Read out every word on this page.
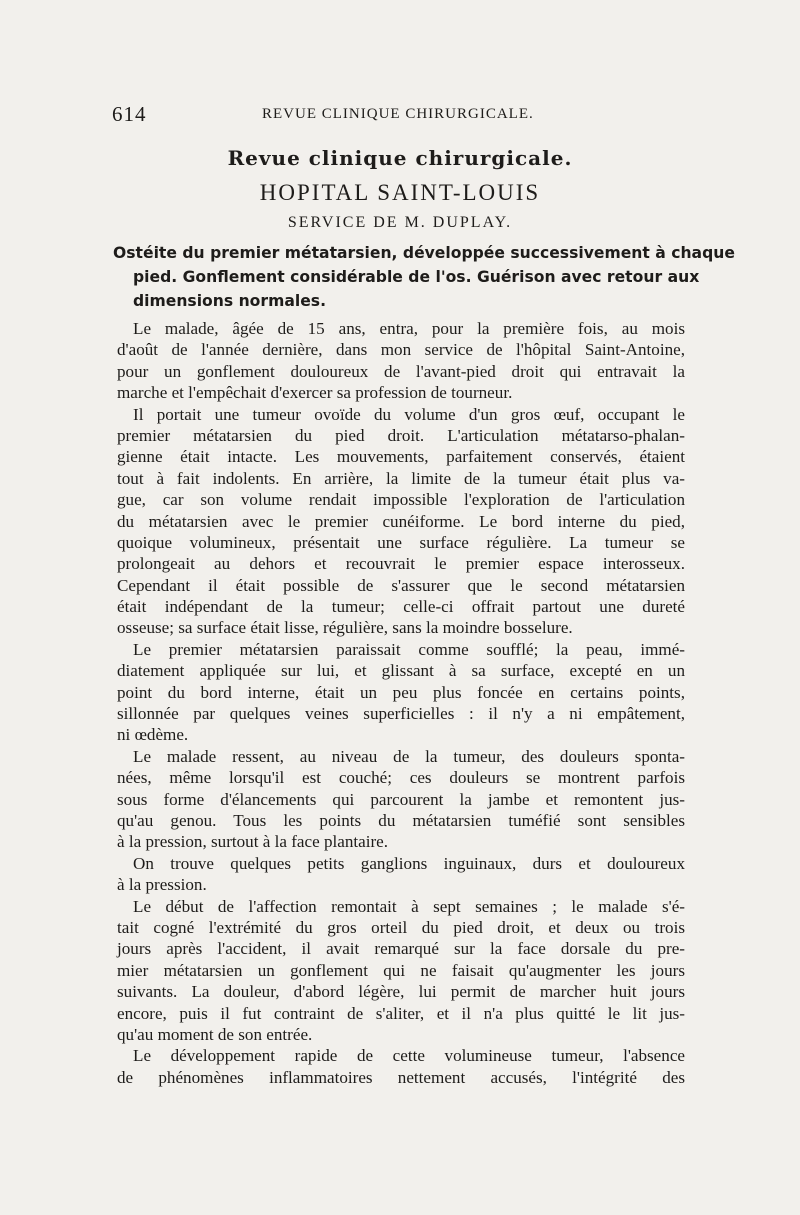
614	REVUE CLINIQUE CHIRURGICALE.
Revue clinique chirurgicale.
HOPITAL SAINT-LOUIS
SERVICE DE M. DUPLAY.
Ostéite du premier métatarsien, développée successivement à chaque
pied. Gonflement considérable de l'os. Guérison avec retour aux
dimensions normales.
Le malade, âgée de 15 ans, entra, pour la première fois, au mois
d'août de l'année dernière, dans mon service de l'hôpital Saint-Antoine,
pour un gonflement douloureux de l'avant-pied droit qui entravait la
marche et l'empêchait d'exercer sa profession de tourneur.
Il portait une tumeur ovoïde du volume d'un gros œuf, occupant le
premier métatarsien du pied droit. L'articulation métatarso-phalan-
gienne était intacte. Les mouvements, parfaitement conservés, étaient
tout à fait indolents. En arrière, la limite de la tumeur était plus va-
gue, car son volume rendait impossible l'exploration de l'articulation
du métatarsien avec le premier cunéiforme. Le bord interne du pied,
quoique volumineux, présentait une surface régulière. La tumeur se
prolongeait au dehors et recouvrait le premier espace interosseux.
Cependant il était possible de s'assurer que le second métatarsien
était indépendant de la tumeur; celle-ci offrait partout une dureté
osseuse; sa surface était lisse, régulière, sans la moindre bosselure.
Le premier métatarsien paraissait comme soufflé; la peau, immé-
diatement appliquée sur lui, et glissant à sa surface, excepté en un
point du bord interne, était un peu plus foncée en certains points,
sillonnée par quelques veines superficielles : il n'y a ni empâtement,
ni œdème.
Le malade ressent, au niveau de la tumeur, des douleurs sponta-
nées, même lorsqu'il est couché; ces douleurs se montrent parfois
sous forme d'élancements qui parcourent la jambe et remontent jus-
qu'au genou. Tous les points du métatarsien tuméfié sont sensibles
à la pression, surtout à la face plantaire.
On trouve quelques petits ganglions inguinaux, durs et douloureux
à la pression.
Le début de l'affection remontait à sept semaines ; le malade s'é-
tait cogné l'extrémité du gros orteil du pied droit, et deux ou trois
jours après l'accident, il avait remarqué sur la face dorsale du pre-
mier métatarsien un gonflement qui ne faisait qu'augmenter les jours
suivants. La douleur, d'abord légère, lui permit de marcher huit jours
encore, puis il fut contraint de s'aliter, et il n'a plus quitté le lit jus-
qu'au moment de son entrée.
Le développement rapide de cette volumineuse tumeur, l'absence
de phénomènes inflammatoires nettement accusés, l'intégrité des
